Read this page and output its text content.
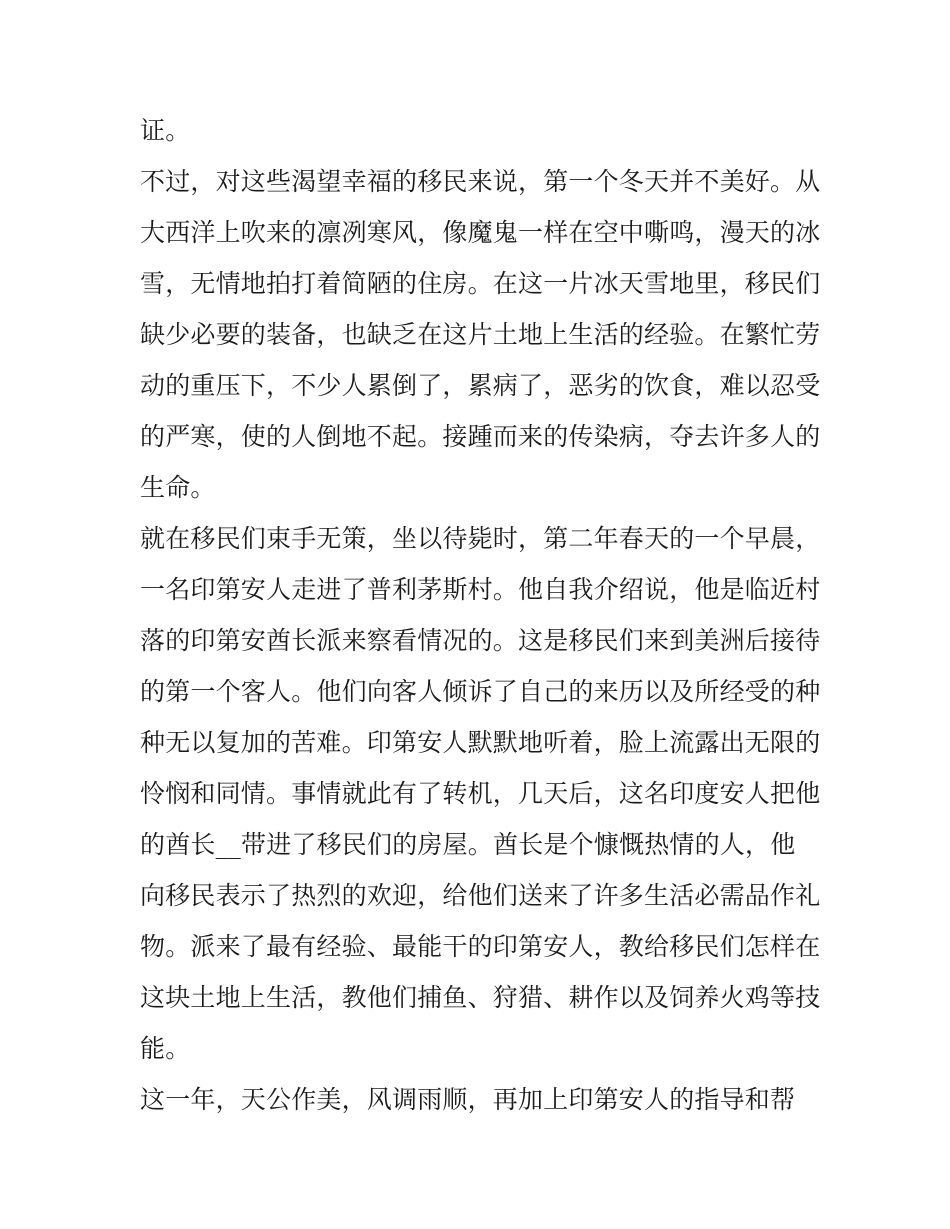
证。
不过，对这些渴望幸福的移民来说，第一个冬天并不美好。从
大西洋上吹来的凛冽寒风，像魔鬼一样在空中嘶鸣，漫天的冰
雪，无情地拍打着简陋的住房。在这一片冰天雪地里，移民们
缺少必要的装备，也缺乏在这片土地上生活的经验。在繁忙劳
动的重压下，不少人累倒了，累病了，恶劣的饮食，难以忍受
的严寒，使的人倒地不起。接踵而来的传染病，夺去许多人的
生命。
就在移民们束手无策，坐以待毙时，第二年春天的一个早晨，
一名印第安人走进了普利茅斯村。他自我介绍说，他是临近村
落的印第安酋长派来察看情况的。这是移民们来到美洲后接待
的第一个客人。他们向客人倾诉了自己的来历以及所经受的种
种无以复加的苦难。印第安人默默地听着，脸上流露出无限的
怜悯和同情。事情就此有了转机，几天后，这名印度安人把他
的酋长__带进了移民们的房屋。酋长是个慷慨热情的人，他
向移民表示了热烈的欢迎，给他们送来了许多生活必需品作礼
物。派来了最有经验、最能干的印第安人，教给移民们怎样在
这块土地上生活，教他们捕鱼、狩猎、耕作以及饲养火鸡等技
能。
这一年，天公作美，风调雨顺，再加上印第安人的指导和帮
